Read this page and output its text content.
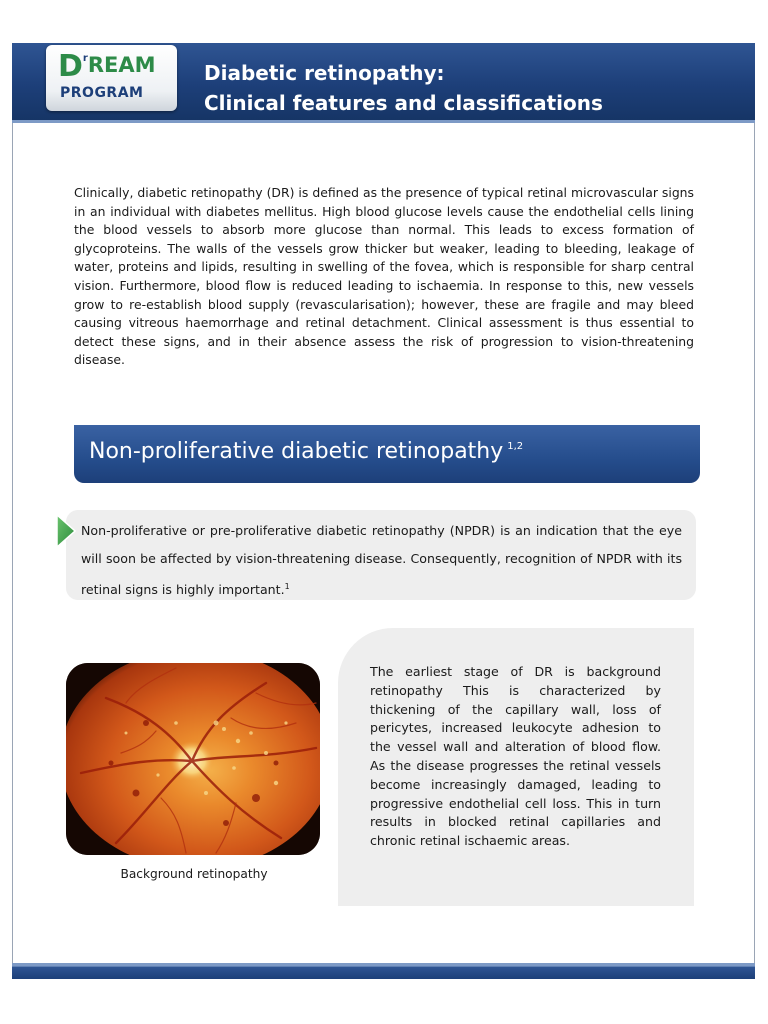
$D^rREAM$
PROGRAM
Diabetic retinopathy:
Clinical features and classifications

Clinically, diabetic retinopathy (DR) is defined as the presence of typical retinal microvascular signs in an individual with diabetes mellitus. High blood glucose levels cause the endothelial cells lining the blood vessels to absorb more glucose than normal. This leads to excess formation of glycoproteins. The walls of the vessels grow thicker but weaker, leading to bleeding, leakage of water, proteins and lipids, resulting in swelling of the fovea, which is responsible for sharp central vision. Furthermore, blood flow is reduced leading to ischaemia. In response to this, new vessels grow to re-establish blood supply (revascularisation); however, these are fragile and may bleed causing vitreous haemorrhage and retinal detachment. Clinical assessment is thus essential to detect these signs, and in their absence assess the risk of progression to vision-threatening disease.

Non-proliferative diabetic retinopathy $^{1,2}$

Non-proliferative or pre-proliferative diabetic retinopathy (NPDR) is an indication that the eye will soon be affected by vision-threatening disease. Consequently, recognition of NPDR with its retinal signs is highly important.$^1$

The earliest stage of DR is background retinopathy This is characterized by thickening of the capillary wall, loss of pericytes, increased leukocyte adhesion to the vessel wall and alteration of blood flow. As the disease progresses the retinal vessels become increasingly damaged, leading to progressive endothelial cell loss. This in turn results in blocked retinal capillaries and chronic retinal ischaemic areas.

Background retinopathy
